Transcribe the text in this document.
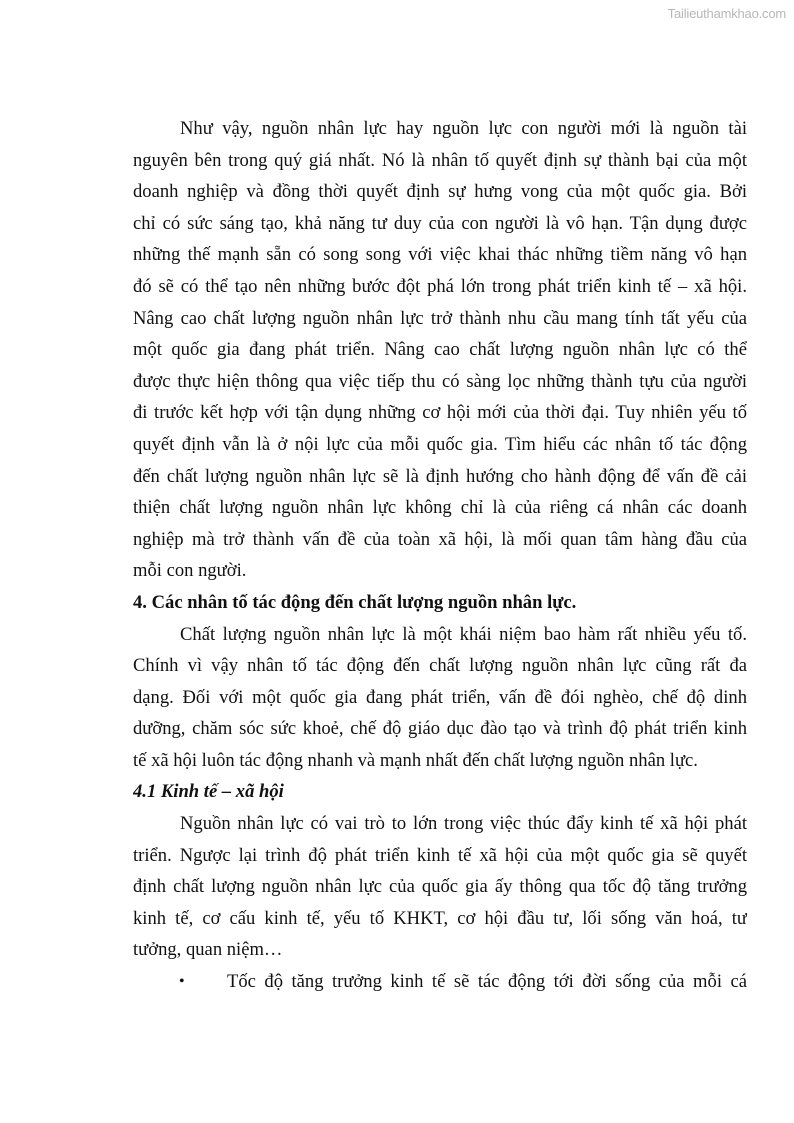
Tailieuthamkhao.com
Như vậy, nguồn nhân lực hay nguồn lực con người mới là nguồn tài
nguyên bên trong quý giá nhất. Nó là nhân tố quyết định sự thành bại của một
doanh nghiệp và đồng thời quyết định sự hưng vong của một quốc gia. Bởi
chỉ có sức sáng tạo, khả năng tư duy của con người là vô hạn. Tận dụng được
những thế mạnh sẵn có song song với việc khai thác những tiềm năng vô hạn
đó sẽ có thể tạo nên những bước đột phá lớn trong phát triển kinh tế – xã hội.
Nâng cao chất lượng nguồn nhân lực trở thành nhu cầu mang tính tất yếu của
một quốc gia đang phát triển. Nâng cao chất lượng nguồn nhân lực có thể
được thực hiện thông qua việc tiếp thu có sàng lọc những thành tựu của người
đi trước kết hợp với tận dụng những cơ hội mới của thời đại. Tuy nhiên yếu tố
quyết định vẫn là ở nội lực của mỗi quốc gia. Tìm hiểu các nhân tố tác động
đến chất lượng nguồn nhân lực sẽ là định hướng cho hành động để vấn đề cải
thiện chất lượng nguồn nhân lực không chỉ là của riêng cá nhân các doanh
nghiệp mà trở thành vấn đề của toàn xã hội, là mối quan tâm hàng đầu của
mỗi con người.
4. Các nhân tố tác động đến chất lượng nguồn nhân lực.
Chất lượng nguồn nhân lực là một khái niệm bao hàm rất nhiều yếu tố.
Chính vì vậy nhân tố tác động đến chất lượng nguồn nhân lực cũng rất đa
dạng. Đối với một quốc gia đang phát triển, vấn đề đói nghèo, chế độ dinh
dưỡng, chăm sóc sức khoẻ, chế độ giáo dục đào tạo và trình độ phát triển kinh
tế xã hội luôn tác động nhanh và mạnh nhất đến chất lượng nguồn nhân lực.
4.1 Kinh tế – xã hội
Nguồn nhân lực có vai trò to lớn trong việc thúc đẩy kinh tế xã hội phát
triển. Ngược lại trình độ phát triển kinh tế xã hội của một quốc gia sẽ quyết
định chất lượng nguồn nhân lực của quốc gia ấy thông qua tốc độ tăng trưởng
kinh tế, cơ cấu kinh tế, yếu tố KHKT, cơ hội đầu tư, lối sống văn hoá, tư
tưởng, quan niệm…
•	Tốc độ tăng trưởng kinh tế sẽ tác động tới đời sống của mỗi cá
